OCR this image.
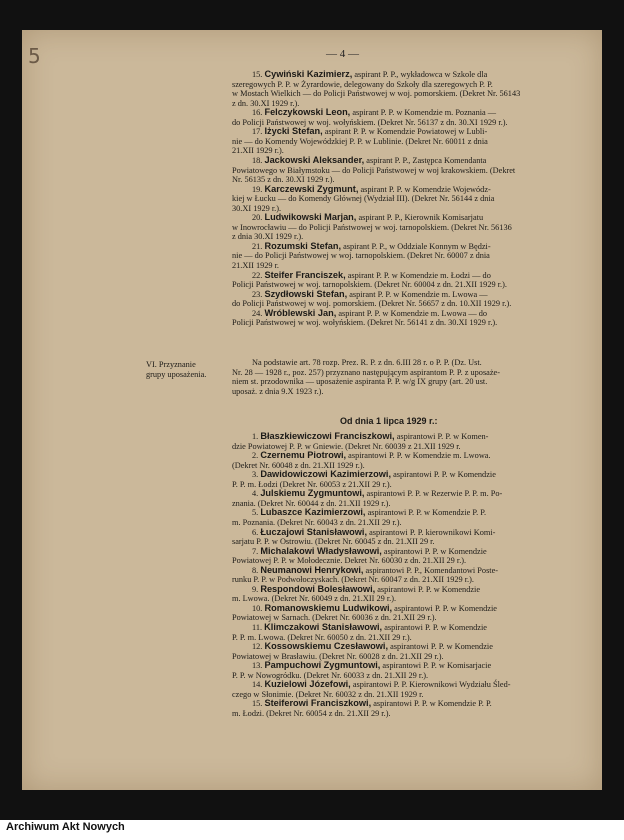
5	— 4 —
VI. Przyznanie
grupy uposażenia.
Od dnia 1 lipca 1929 r.:
Archiwum Akt Nowych
15. Cywiński Kazimierz, aspirant P. P., wykładowca w Szkole dla
szeregowych P. P. w Żyrardowie, delegowany do Szkoły dla szeregowych P. P.
w Mostach Wielkich — do Policji Państwowej w woj. pomorskiem. (Dekret Nr. 56143
z dn. 30.XI 1929 r.).
16. Felczykowski Leon, aspirant P. P. w Komendzie m. Poznania —
do Policji Państwowej w woj. wołyńskiem. (Dekret Nr. 56137 z dn. 30.XI 1929 r.).
17. Iżycki Stefan, aspirant P. P. w Komendzie Powiatowej w Lubli-
nie — do Komendy Wojewódzkiej P. P. w Lublinie. (Dekret Nr. 60011 z dnia
21.XII 1929 r.).
18. Jackowski Aleksander, aspirant P. P., Zastępca Komendanta
Powiatowego w Białymstoku — do Policji Państwowej w woj krakowskiem. (Dekret
Nr. 56135 z dn. 30.XI 1929 r.).
19. Karczewski Zygmunt, aspirant P. P. w Komendzie Wojewódz-
kiej w Łucku — do Komendy Głównej (Wydział III). (Dekret Nr. 56144 z dnia
30.XI 1929 r.).
20. Ludwikowski Marjan, aspirant P. P., Kierownik Komisarjatu
w Inowrocławiu — do Policji Państwowej w woj. tarnopolskiem. (Dekret Nr. 56136
z dnia 30.XI 1929 r.).
21. Rozumski Stefan, aspirant P. P., w Oddziale Konnym w Będzi-
nie — do Policji Państwowej w woj. tarnopolskiem. (Dekret Nr. 60007 z dnia
21.XII 1929 r.
22. Steifer Franciszek, aspirant P. P. w Komendzie m. Łodzi — do
Policji Państwowej w woj. tarnopolskiem. (Dekret Nr. 60004 z dn. 21.XII 1929 r.).
23. Szydłowski Stefan, aspirant P. P. w Komendzie m. Lwowa —
do Policji Państwowej w woj. pomorskiem. (Dekret Nr. 56657 z dn. 10.XII 1929 r.).
24. Wróblewski Jan, aspirant P. P. w Komendzie m. Lwowa — do
Policji Państwowej w woj. wołyńskiem. (Dekret Nr. 56141 z dn. 30.XI 1929 r.).
1. Błaszkiewiczowi Franciszkowi, aspirantowi P. P. w Komen-
dzie Powiatowej P. P. w Gniewie. (Dekret Nr. 60039 z 21.XII 1929 r.
2. Czernemu Piotrowi, aspirantowi P. P. w Komendzie m. Lwowa.
(Dekret Nr. 60048 z dn. 21.XII 1929 r.).
3. Dawidowiczowi Kazimierzowi, aspirantowi P. P. w Komendzie
P. P. m. Łodzi (Dekret Nr. 60053 z 21.XII 29 r.).
4. Julskiemu Zygmuntowi, aspirantowi P. P. w Rezerwie P. P. m. Po-
znania. (Dekret Nr. 60044 z dn. 21.XII 1929 r.).
5. Lubaszce Kazimierzowi, aspirantowi P. P. w Komendzie P. P.
m. Poznania. (Dekret Nr. 60043 z dn. 21.XII 29 r.).
6. Łuczajowi Stanisławowi, aspirantowi P. P. kierownikowi Komi-
sarjatu P. P. w Ostrowiu. (Dekret Nr. 60045 z dn. 21.XII 29 r.
7. Michalakowi Władysławowi, aspirantowi P. P. w Komendzie
Powiatowej P. P. w Mołodecznie. Dekret Nr. 60030 z dn. 21.XII 29 r.).
8. Neumanowi Henrykowi, aspirantowi P. P., Komendantowi Poste-
runku P. P. w Podwołoczyskach. (Dekret Nr. 60047 z dn. 21.XII 1929 r.).
9. Respondowi Bolesławowi, aspirantowi P. P. w Komendzie
m. Lwowa. (Dekret Nr. 60049 z dn. 21.XII 29 r.).
10. Romanowskiemu Ludwikowi, aspirantowi P. P. w Komendzie
Powiatowej w Sarnach. (Dekret Nr. 60036 z dn. 21.XII 29 r.).
11. Klimczakowi Stanisławowi, aspirantowi P. P. w Komendzie
P. P. m. Lwowa. (Dekret Nr. 60050 z dn. 21.XII 29 r.).
12. Kossowskiemu Czesławowi, aspirantowi P. P. w Komendzie
Powiatowej w Brasławiu. (Dekret Nr. 60028 z dn. 21.XII 29 r.).
13. Pampuchowi Zygmuntowi, aspirantowi P. P. w Komisarjacie
P. P. w Nowogródku. (Dekret Nr. 60033 z dn. 21.XII 29 r.).
14. Kuzielowi Józefowi, aspirantowi P. P. Kierownikowi Wydziału Śled-
czego w Słonimie. (Dekret Nr. 60032 z dn. 21.XII 1929 r.
15. Steiferowi Franciszkowi, aspirantowi P. P. w Komendzie P. P.
m. Łodzi. (Dekret Nr. 60054 z dn. 21.XII 29 r.).
Na podstawie art. 78 rozp. Prez. R. P. z dn. 6.III 28 r. o P. P. (Dz. Ust.
Nr. 28 — 1928 r., poz. 257) przyznano następującym aspirantom P. P. z uposaże-
niem st. przodownika — uposażenie aspiranta P. P. w/g IX grupy (art. 20 ust.
uposaż. z dnia 9.X 1923 r.).
